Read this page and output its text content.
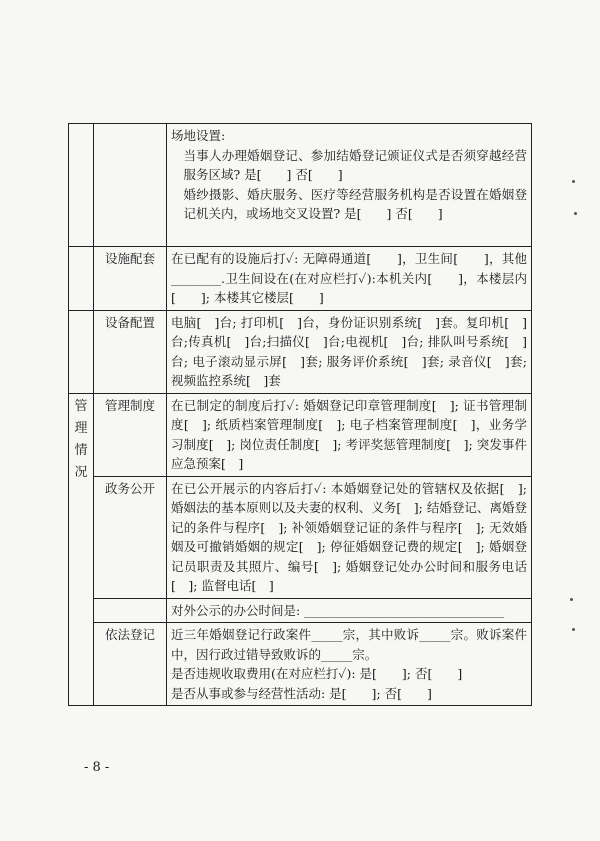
		场地设置:

当事人办理婚姻登记、参加结婚登记颁证仪式是否须穿越经营服务区域? 是[　　] 否[　　]

婚纱摄影、婚庆服务、医疗等经营服务机构是否设置在婚姻登记机关内，或场地交叉设置? 是[　　] 否[　　]

	设施配套	在已配有的设施后打✓: 无障碍通道[　　]，卫生间[　　]，其他________.卫生间设在(在对应栏打✓):本机关内[　　]，本楼层内[　　]; 本楼其它楼层[　　]

	设备配置	电脑[　]台; 打印机[　]台，身份证识别系统[　]套。复印机[　]台;传真机[　]台;扫描仪[　]台;电视机[　]台; 排队叫号系统[　]台; 电子滚动显示屏[　]套; 服务评价系统[　]套; 录音仪[　]套; 视频监控系统[　]套

管理情况	管理制度	在已制定的制度后打✓: 婚姻登记印章管理制度[　]; 证书管理制度[　]; 纸质档案管理制度[　]; 电子档案管理制度[　]，业务学习制度[　]; 岗位责任制度[　]; 考评奖惩管理制度[　]; 突发事件应急预案[　]

	政务公开	在已公开展示的内容后打✓: 本婚姻登记处的管辖权及依据[　]; 婚姻法的基本原则以及夫妻的权利、义务[　]; 结婚登记、离婚登记的条件与程序[　]; 补领婚姻登记证的条件与程序[　]; 无效婚姻及可撤销婚姻的规定[　]; 停征婚姻登记费的规定[　]; 婚姻登记员职责及其照片、编号[　]; 婚姻登记处办公时间和服务电话[　]; 监督电话[　]

		对外公示的办公时间是: ________________________________

	依法登记	近三年婚姻登记行政案件_____宗，其中败诉_____宗。败诉案件中，因行政过错导致败诉的_____宗。

是否违规收取费用(在对应栏打✓): 是[　　]; 否[　　]

是否从事或参与经营性活动: 是[　　]; 否[　　]

- 8 -
